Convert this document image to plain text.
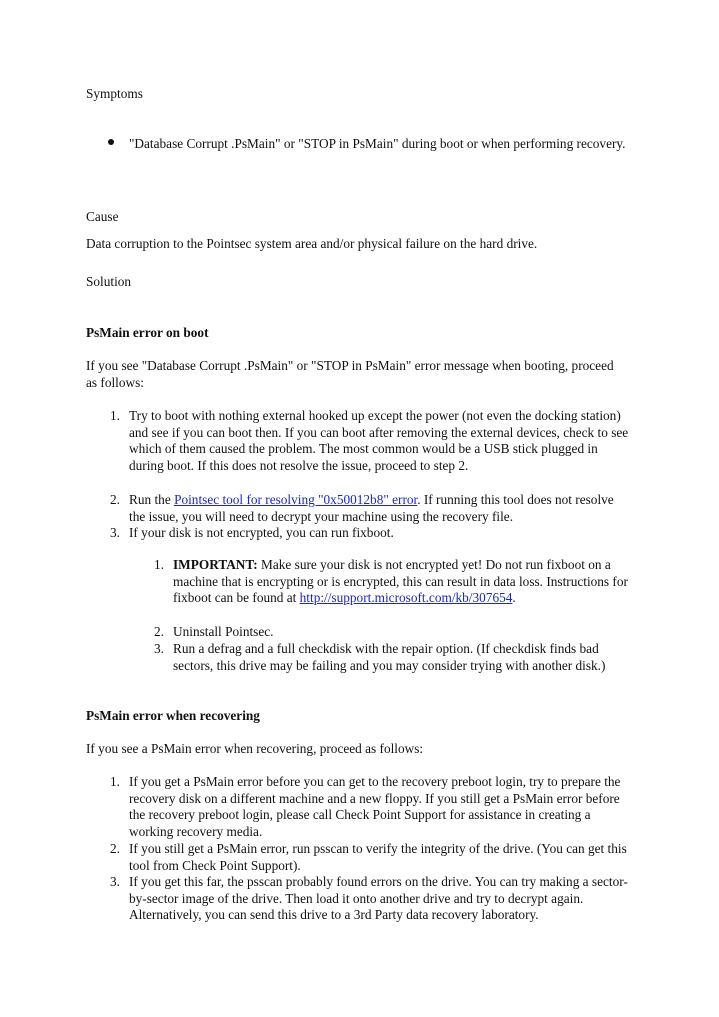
Symptoms

"Database Corrupt .PsMain" or "STOP in PsMain" during boot or when performing recovery.

Cause

Data corruption to the Pointsec system area and/or physical failure on the hard drive.

Solution
PsMain error on boot

If you see "Database Corrupt .PsMain" or "STOP in PsMain" error message when booting, proceed as follows:

1. Try to boot with nothing external hooked up except the power (not even the docking station) and see if you can boot then. If you can boot after removing the external devices, check to see which of them caused the problem. The most common would be a USB stick plugged in during boot. If this does not resolve the issue, proceed to step 2.

2. Run the Pointsec tool for resolving "0x50012b8" error. If running this tool does not resolve the issue, you will need to decrypt your machine using the recovery file.

3. If your disk is not encrypted, you can run fixboot.

1. IMPORTANT: Make sure your disk is not encrypted yet! Do not run fixboot on a machine that is encrypting or is encrypted, this can result in data loss. Instructions for fixboot can be found at http://support.microsoft.com/kb/307654.

2. Uninstall Pointsec.

3. Run a defrag and a full checkdisk with the repair option. (If checkdisk finds bad sectors, this drive may be failing and you may consider trying with another disk.)

PsMain error when recovering

If you see a PsMain error when recovering, proceed as follows:

1. If you get a PsMain error before you can get to the recovery preboot login, try to prepare the recovery disk on a different machine and a new floppy. If you still get a PsMain error before the recovery preboot login, please call Check Point Support for assistance in creating a working recovery media.

2. If you still get a PsMain error, run psscan to verify the integrity of the drive. (You can get this tool from Check Point Support).

3. If you get this far, the psscan probably found errors on the drive. You can try making a sector-by-sector image of the drive. Then load it onto another drive and try to decrypt again. Alternatively, you can send this drive to a 3rd Party data recovery laboratory.
